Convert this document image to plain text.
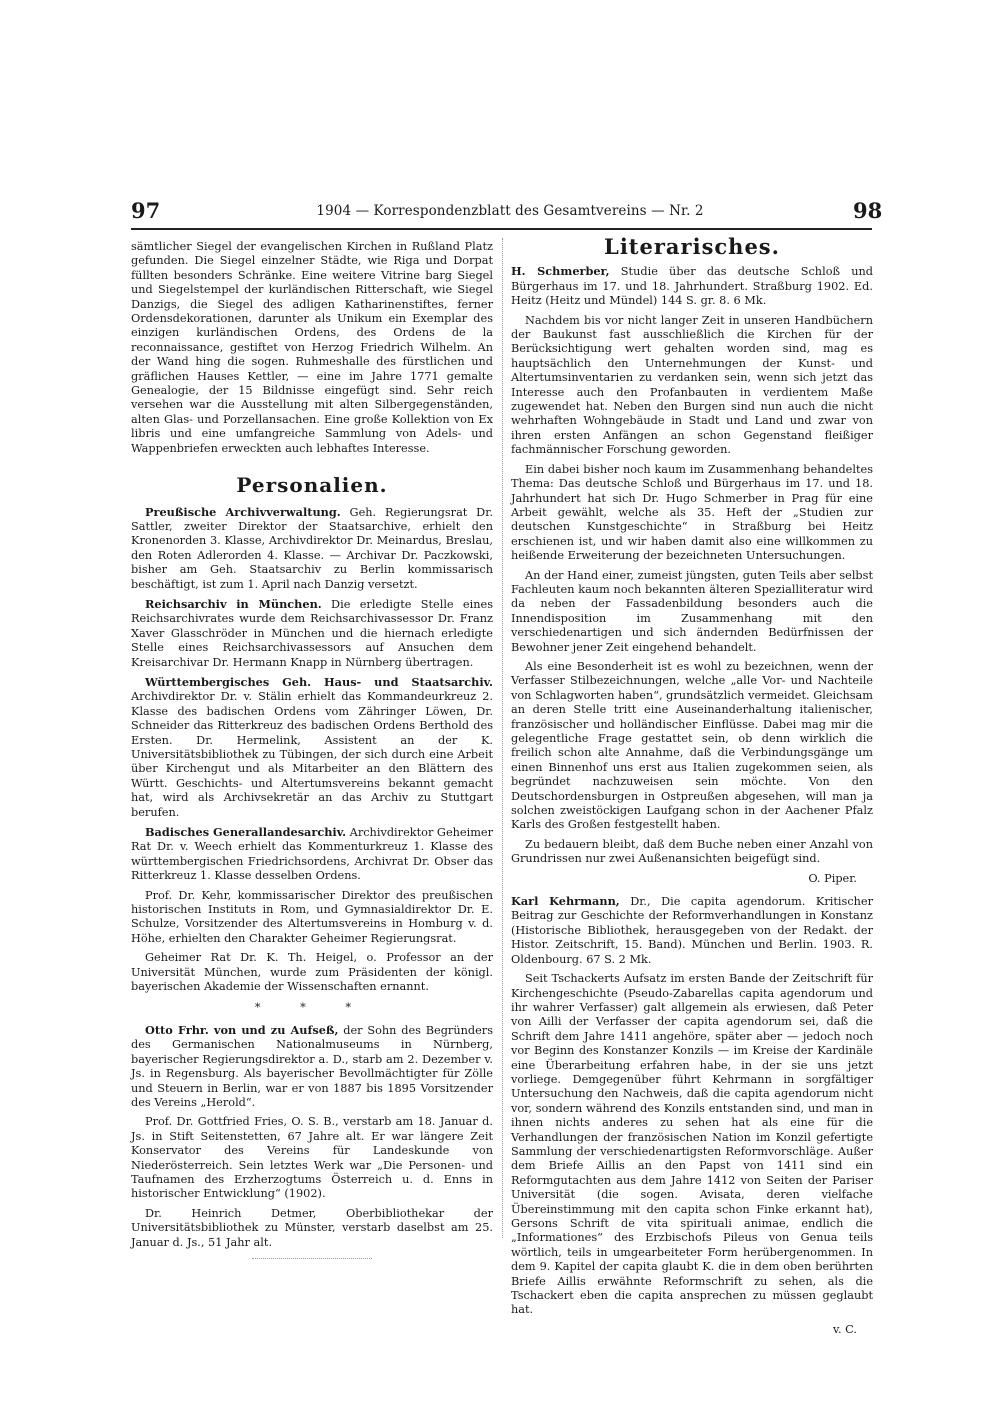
97	1904 — Korrespondenzblatt des Gesamtvereins — Nr. 2	98

sämtlicher Siegel der evangelischen Kirchen in Rußland Platz gefunden. Die Siegel einzelner Städte, wie Riga und Dorpat füllten besonders Schränke. Eine weitere Vitrine barg Siegel und Siegelstempel der kurländischen Ritterschaft, wie Siegel Danzigs, die Siegel des adligen Katharinenstiftes, ferner Ordensdekorationen, darunter als Unikum ein Exemplar des einzigen kurländischen Ordens, des Ordens de la reconnaissance, gestiftet von Herzog Friedrich Wilhelm. An der Wand hing die sogen. Ruhmeshalle des fürstlichen und gräflichen Hauses Kettler, — eine im Jahre 1771 gemalte Genealogie, der 15 Bildnisse eingefügt sind. Sehr reich versehen war die Ausstellung mit alten Silbergegenständen, alten Glas- und Porzellansachen. Eine große Kollektion von Ex libris und eine umfangreiche Sammlung von Adels- und Wappenbriefen erweckten auch lebhaftes Interesse.

Personalien.

Preußische Archivverwaltung. Geh. Regierungsrat Dr. Sattler, zweiter Direktor der Staatsarchive, erhielt den Kronenorden 3. Klasse, Archivdirektor Dr. Meinardus, Breslau, den Roten Adlerorden 4. Klasse. — Archivar Dr. Paczkowski, bisher am Geh. Staatsarchiv zu Berlin kommissarisch beschäftigt, ist zum 1. April nach Danzig versetzt.

Reichsarchiv in München. Die erledigte Stelle eines Reichsarchivrates wurde dem Reichsarchivassessor Dr. Franz Xaver Glasschröder in München und die hiernach erledigte Stelle eines Reichsarchivassessors auf Ansuchen dem Kreisarchivar Dr. Hermann Knapp in Nürnberg übertragen.

Württembergisches Geh. Haus- und Staatsarchiv. Archivdirektor Dr. v. Stälin erhielt das Kommandeurkreuz 2. Klasse des badischen Ordens vom Zähringer Löwen, Dr. Schneider das Ritterkreuz des badischen Ordens Berthold des Ersten. Dr. Hermelink, Assistent an der K. Universitätsbibliothek zu Tübingen, der sich durch eine Arbeit über Kirchengut und als Mitarbeiter an den Blättern des Württ. Geschichts- und Altertumsvereins bekannt gemacht hat, wird als Archivsekretär an das Archiv zu Stuttgart berufen.

Badisches Generallandesarchiv. Archivdirektor Geheimer Rat Dr. v. Weech erhielt das Kommenturkreuz 1. Klasse des württembergischen Friedrichsordens, Archivrat Dr. Obser das Ritterkreuz 1. Klasse desselben Ordens.

Prof. Dr. Kehr, kommissarischer Direktor des preußischen historischen Instituts in Rom, und Gymnasialdirektor Dr. E. Schulze, Vorsitzender des Altertumsvereins in Homburg v. d. Höhe, erhielten den Charakter Geheimer Regierungsrat.

Geheimer Rat Dr. K. Th. Heigel, o. Professor an der Universität München, wurde zum Präsidenten der königl. bayerischen Akademie der Wissenschaften ernannt.

* * *

Otto Frhr. von und zu Aufseß, der Sohn des Begründers des Germanischen Nationalmuseums in Nürnberg, bayerischer Regierungsdirektor a. D., starb am 2. Dezember v. Js. in Regensburg. Als bayerischer Bevollmächtigter für Zölle und Steuern in Berlin, war er von 1887 bis 1895 Vorsitzender des Vereins „Herold“.

Prof. Dr. Gottfried Fries, O. S. B., verstarb am 18. Januar d. Js. in Stift Seitenstetten, 67 Jahre alt. Er war längere Zeit Konservator des Vereins für Landeskunde von Niederösterreich. Sein letztes Werk war „Die Personen- und Taufnamen des Erzherzogtums Österreich u. d. Enns in historischer Entwicklung“ (1902).

Dr. Heinrich Detmer, Oberbibliothekar der Universitätsbibliothek zu Münster, verstarb daselbst am 25. Januar d. Js., 51 Jahr alt.

Literarisches.

H. Schmerber, Studie über das deutsche Schloß und Bürgerhaus im 17. und 18. Jahrhundert. Straßburg 1902. Ed. Heitz (Heitz und Mündel) 144 S. gr. 8. 6 Mk.

Nachdem bis vor nicht langer Zeit in unseren Handbüchern der Baukunst fast ausschließlich die Kirchen für der Berücksichtigung wert gehalten worden sind, mag es hauptsächlich den Unternehmungen der Kunst- und Altertumsinventarien zu verdanken sein, wenn sich jetzt das Interesse auch den Profanbauten in verdientem Maße zugewendet hat. Neben den Burgen sind nun auch die nicht wehrhaften Wohngebäude in Stadt und Land und zwar von ihren ersten Anfängen an schon Gegenstand fleißiger fachmännischer Forschung geworden.

Ein dabei bisher noch kaum im Zusammenhang behandeltes Thema: Das deutsche Schloß und Bürgerhaus im 17. und 18. Jahrhundert hat sich Dr. Hugo Schmerber in Prag für eine Arbeit gewählt, welche als 35. Heft der „Studien zur deutschen Kunstgeschichte“ in Straßburg bei Heitz erschienen ist, und wir haben damit also eine willkommen zu heißende Erweiterung der bezeichneten Untersuchungen.

An der Hand einer, zumeist jüngsten, guten Teils aber selbst Fachleuten kaum noch bekannten älteren Spezialliteratur wird da neben der Fassadenbildung besonders auch die Innendisposition im Zusammenhang mit den verschiedenartigen und sich ändernden Bedürfnissen der Bewohner jener Zeit eingehend behandelt.

Als eine Besonderheit ist es wohl zu bezeichnen, wenn der Verfasser Stilbezeichnungen, welche „alle Vor- und Nachteile von Schlagworten haben“, grundsätzlich vermeidet. Gleichsam an deren Stelle tritt eine Auseinanderhaltung italienischer, französischer und holländischer Einflüsse. Dabei mag mir die gelegentliche Frage gestattet sein, ob denn wirklich die freilich schon alte Annahme, daß die Verbindungsgänge um einen Binnenhof uns erst aus Italien zugekommen seien, als begründet nachzuweisen sein möchte. Von den Deutschordensburgen in Ostpreußen abgesehen, will man ja solchen zweistöckigen Laufgang schon in der Aachener Pfalz Karls des Großen festgestellt haben.

Zu bedauern bleibt, daß dem Buche neben einer Anzahl von Grundrissen nur zwei Außenansichten beigefügt sind.

O. Piper.

Karl Kehrmann, Dr., Die capita agendorum. Kritischer Beitrag zur Geschichte der Reformverhandlungen in Konstanz (Historische Bibliothek, herausgegeben von der Redakt. der Histor. Zeitschrift, 15. Band). München und Berlin. 1903. R. Oldenbourg. 67 S. 2 Mk.

Seit Tschackerts Aufsatz im ersten Bande der Zeitschrift für Kirchengeschichte (Pseudo-Zabarellas capita agendorum und ihr wahrer Verfasser) galt allgemein als erwiesen, daß Peter von Ailli der Verfasser der capita agendorum sei, daß die Schrift dem Jahre 1411 angehöre, später aber — jedoch noch vor Beginn des Konstanzer Konzils — im Kreise der Kardinäle eine Überarbeitung erfahren habe, in der sie uns jetzt vorliege. Demgegenüber führt Kehrmann in sorgfältiger Untersuchung den Nachweis, daß die capita agendorum nicht vor, sondern während des Konzils entstanden sind, und man in ihnen nichts anderes zu sehen hat als eine für die Verhandlungen der französischen Nation im Konzil gefertigte Sammlung der verschiedenartigsten Reformvorschläge. Außer dem Briefe Aillis an den Papst von 1411 sind ein Reformgutachten aus dem Jahre 1412 von Seiten der Pariser Universität (die sogen. Avisata, deren vielfache Übereinstimmung mit den capita schon Finke erkannt hat), Gersons Schrift de vita spirituali animae, endlich die „Informationes“ des Erzbischofs Pileus von Genua teils wörtlich, teils in umgearbeiteter Form herübergenommen. In dem 9. Kapitel der capita glaubt K. die in dem oben berührten Briefe Aillis erwähnte Reformschrift zu sehen, als die Tschackert eben die capita ansprechen zu müssen geglaubt hat.

v. C.
